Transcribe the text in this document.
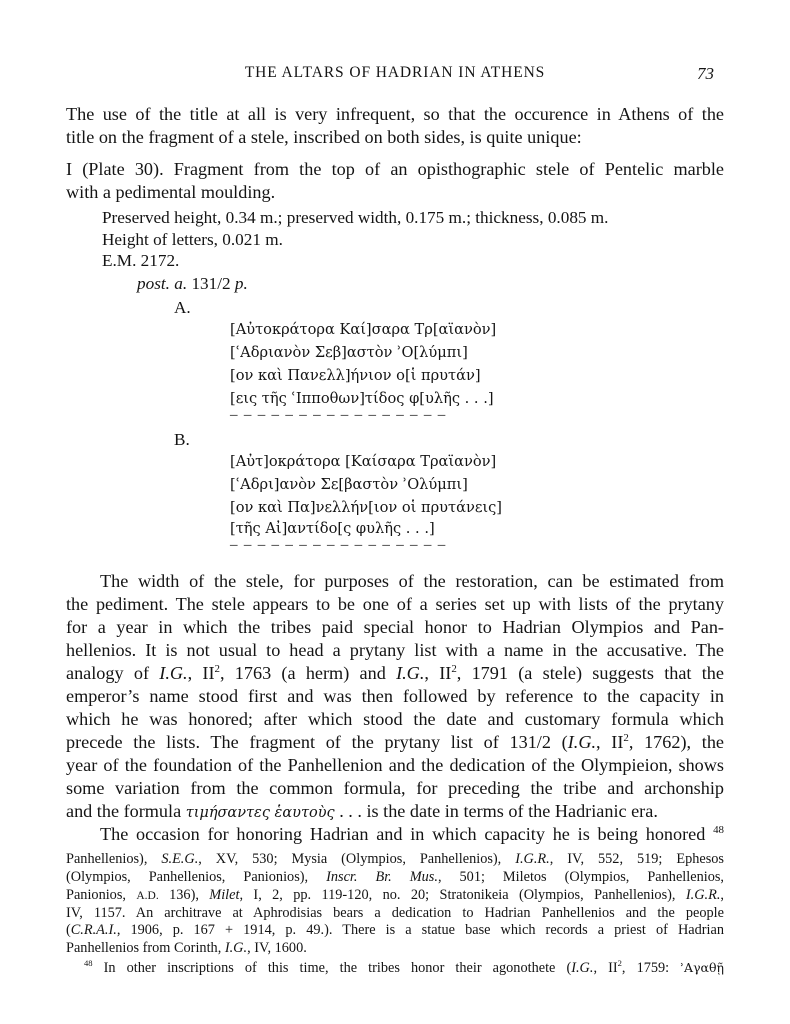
THE ALTARS OF HADRIAN IN ATHENS	73
The use of the title at all is very infrequent, so that the occurence in Athens of the
title on the fragment of a stele, inscribed on both sides, is quite unique:
I (Plate 30). Fragment from the top of an opisthographic stele of Pentelic marble
with a pedimental moulding.
Preserved height, 0.34 m.; preserved width, 0.175 m.; thickness, 0.085 m.
Height of letters, 0.021 m.
E.M. 2172.
post. a. 131/2 p.
A.
[Αὐτοκράτορα Καί]σαρα Τρ[αϊανὸν]
[ʿΑδριανὸν Σεβ]αστὸν ʾΟ[λύμπι]
[ον καὶ Πανελλ]ήνιον ο[ἱ πρυτάν]
[εις τῆς ʿΙπποθων]τίδος φ[υλῆς . . .]
– – – – – – – – – – – – – – – –
B.
[Αὐτ]οκράτορα [Καίσαρα Τραϊανὸν]
[ʿΑδρι]ανὸν Σε[βαστὸν ʾΟλύμπι]
[ον καὶ Πα]νελλήν[ιον οἱ πρυτάνεις]
[τῆς Αἰ]αντίδο[ς φυλῆς . . .]
– – – – – – – – – – – – – – – –
The width of the stele, for purposes of the restoration, can be estimated from
the pediment. The stele appears to be one of a series set up with lists of the prytany
for a year in which the tribes paid special honor to Hadrian Olympios and Pan-
hellenios. It is not usual to head a prytany list with a name in the accusative. The
analogy of I.G., $II^2$, 1763 (a herm) and I.G., $II^2$, 1791 (a stele) suggests that the
emperor’s name stood first and was then followed by reference to the capacity in
which he was honored; after which stood the date and customary formula which
precede the lists. The fragment of the prytany list of 131/2 (I.G., $II^2$, 1762), the
year of the foundation of the Panhellenion and the dedication of the Olympieion, shows
some variation from the common formula, for preceding the tribe and archonship
and the formula τιμήσαντες ἑαυτοὺς . . . is the date in terms of the Hadrianic era.
The occasion for honoring Hadrian and in which capacity he is being honored $^{48}$
Panhellenios), S.E.G., XV, 530; Mysia (Olympios, Panhellenios), I.G.R., IV, 552, 519; Ephesos
(Olympios, Panhellenios, Panionios), Inscr. Br. Mus., 501; Miletos (Olympios, Panhellenios,
Panionios, A.D. 136), Milet, I, 2, pp. 119-120, no. 20; Stratonikeia (Olympios, Panhellenios), I.G.R.,
IV, 1157. An architrave at Aphrodisias bears a dedication to Hadrian Panhellenios and the people
(C.R.A.I., 1906, p. 167 + 1914, p. 49.). There is a statue base which records a priest of Hadrian
Panhellenios from Corinth, I.G., IV, 1600.
$^{48}$ In other inscriptions of this time, the tribes honor their agonothete (I.G., $II^2$, 1759: ʾΑγαθῇ
